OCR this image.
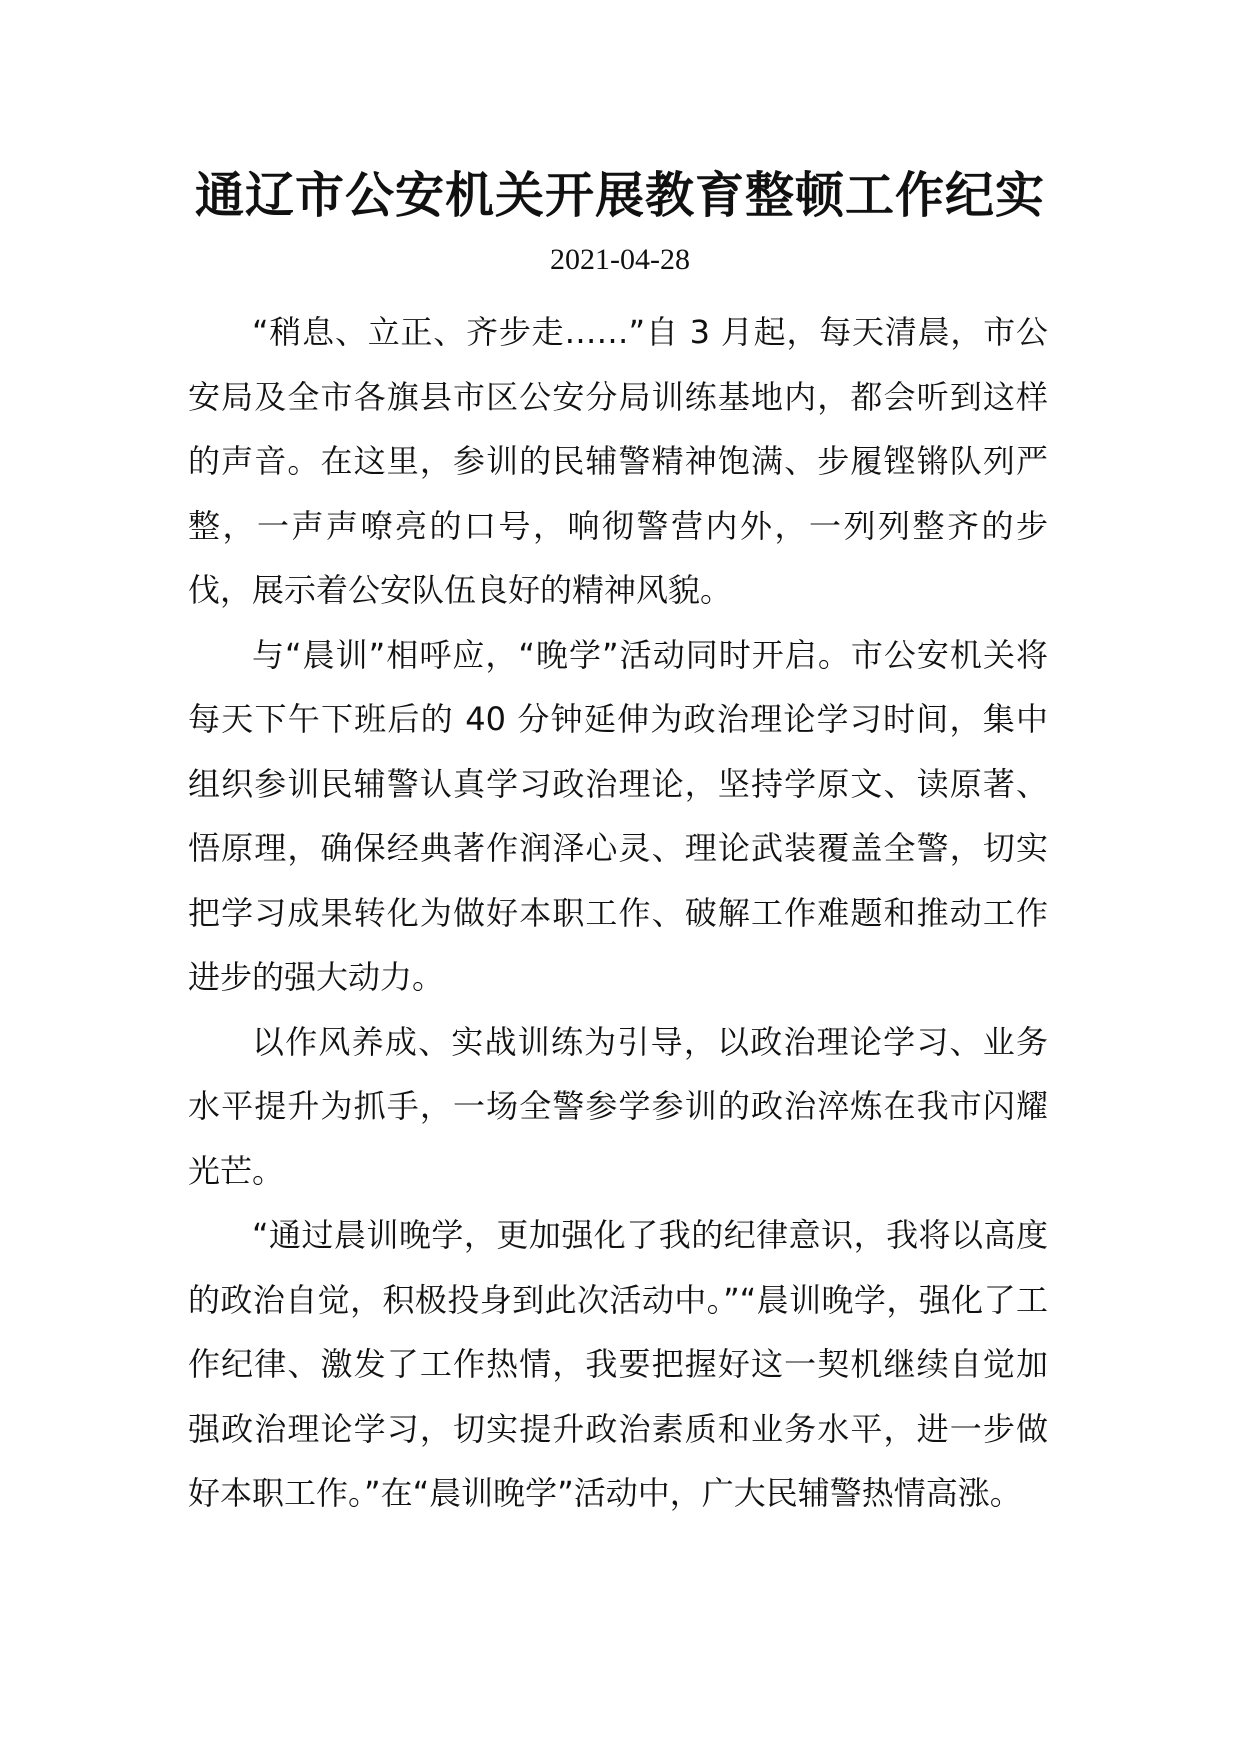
通辽市公安机关开展教育整顿工作纪实
2021-04-28

“稍息、立正、齐步走……”自 3 月起，每天清晨，市公安局及全市各旗县市区公安分局训练基地内，都会听到这样的声音。在这里，参训的民辅警精神饱满、步履铿锵队列严整，一声声嘹亮的口号，响彻警营内外，一列列整齐的步伐，展示着公安队伍良好的精神风貌。

与“晨训”相呼应，“晚学”活动同时开启。市公安机关将每天下午下班后的 40 分钟延伸为政治理论学习时间，集中组织参训民辅警认真学习政治理论，坚持学原文、读原著、悟原理，确保经典著作润泽心灵、理论武装覆盖全警，切实把学习成果转化为做好本职工作、破解工作难题和推动工作进步的强大动力。

以作风养成、实战训练为引导，以政治理论学习、业务水平提升为抓手，一场全警参学参训的政治淬炼在我市闪耀光芒。

“通过晨训晚学，更加强化了我的纪律意识，我将以高度的政治自觉，积极投身到此次活动中。”“晨训晚学，强化了工作纪律、激发了工作热情，我要把握好这一契机继续自觉加强政治理论学习，切实提升政治素质和业务水平，进一步做好本职工作。”在“晨训晚学”活动中，广大民辅警热情高涨。
